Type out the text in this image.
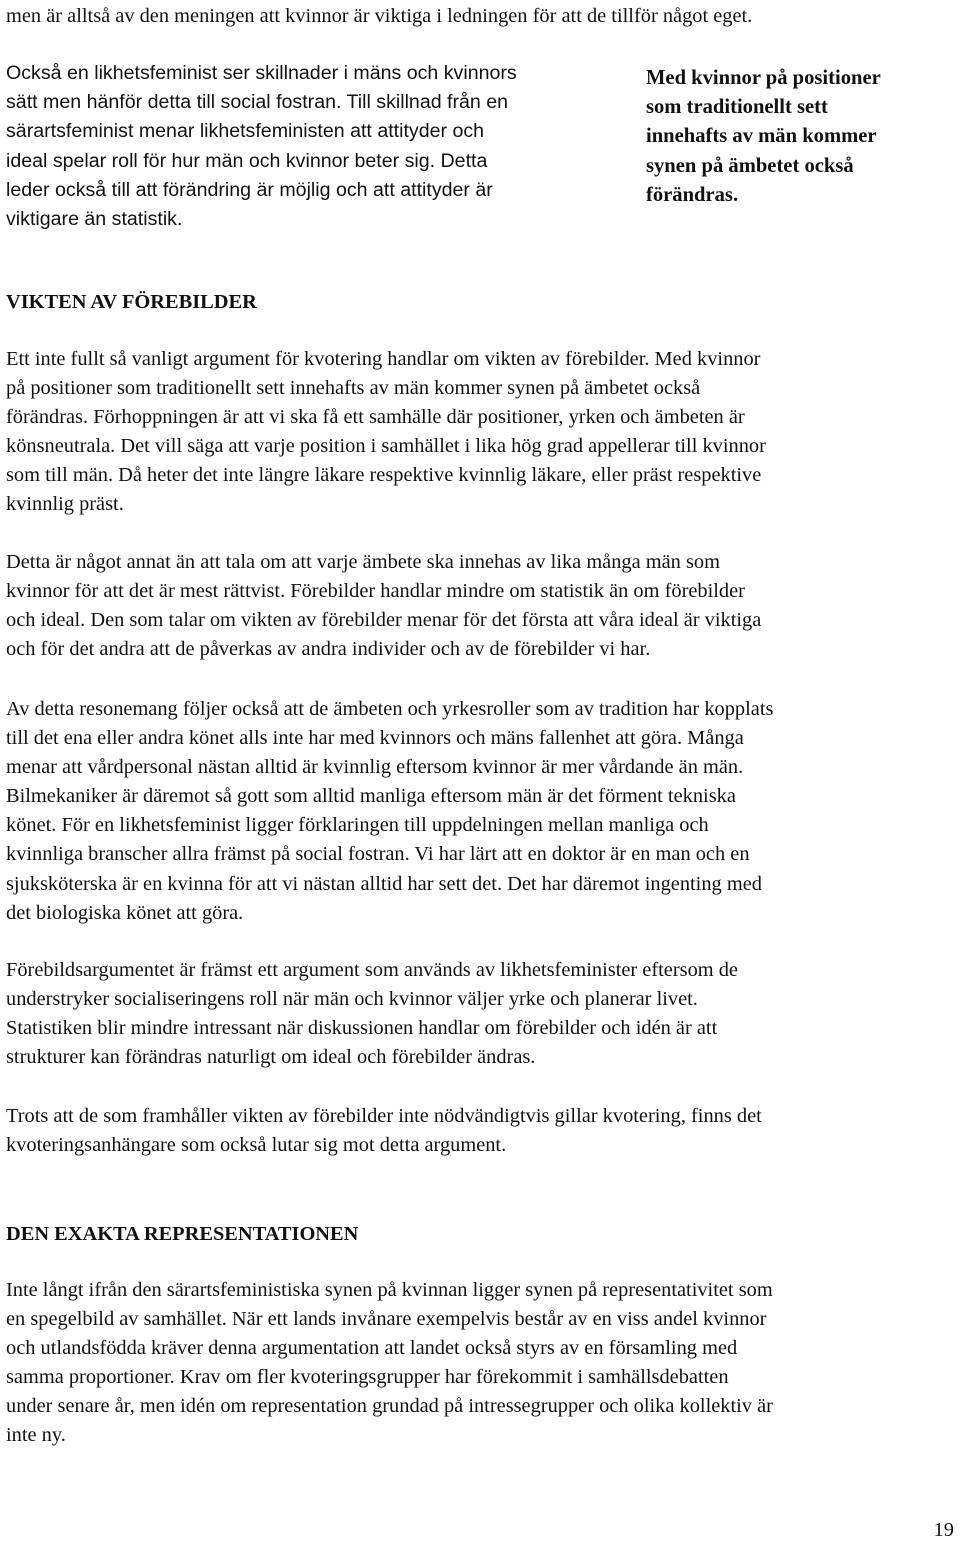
men är alltså av den meningen att kvinnor är viktiga i ledningen för att de tillför något eget.
Också en likhetsfeminist ser skillnader i mäns och kvinnors
sätt men hänför detta till social fostran. Till skillnad från en
särartsfeminist menar likhetsfeministen att attityder och
ideal spelar roll för hur män och kvinnor beter sig. Detta
leder också till att förändring är möjlig och att attityder är
viktigare än statistik.
Med kvinnor på positioner
som traditionellt sett
innehafts av män kommer
synen på ämbetet också
förändras.
VIKTEN AV FÖREBILDER
Ett inte fullt så vanligt argument för kvotering handlar om vikten av förebilder. Med kvinnor
på positioner som traditionellt sett innehafts av män kommer synen på ämbetet också
förändras. Förhoppningen är att vi ska få ett samhälle där positioner, yrken och ämbeten är
könsneutrala. Det vill säga att varje position i samhället i lika hög grad appellerar till kvinnor
som till män. Då heter det inte längre läkare respektive kvinnlig läkare, eller präst respektive
kvinnlig präst.
Detta är något annat än att tala om att varje ämbete ska innehas av lika många män som
kvinnor för att det är mest rättvist. Förebilder handlar mindre om statistik än om förebilder
och ideal. Den som talar om vikten av förebilder menar för det första att våra ideal är viktiga
och för det andra att de påverkas av andra individer och av de förebilder vi har.
Av detta resonemang följer också att de ämbeten och yrkesroller som av tradition har kopplats
till det ena eller andra könet alls inte har med kvinnors och mäns fallenhet att göra. Många
menar att vårdpersonal nästan alltid är kvinnlig eftersom kvinnor är mer vårdande än män.
Bilmekaniker är däremot så gott som alltid manliga eftersom män är det förment tekniska
könet. För en likhetsfeminist ligger förklaringen till uppdelningen mellan manliga och
kvinnliga branscher allra främst på social fostran. Vi har lärt att en doktor är en man och en
sjuksköterska är en kvinna för att vi nästan alltid har sett det. Det har däremot ingenting med
det biologiska könet att göra.
Förebildsargumentet är främst ett argument som används av likhetsfeminister eftersom de
understryker socialiseringens roll när män och kvinnor väljer yrke och planerar livet.
Statistiken blir mindre intressant när diskussionen handlar om förebilder och idén är att
strukturer kan förändras naturligt om ideal och förebilder ändras.
Trots att de som framhåller vikten av förebilder inte nödvändigtvis gillar kvotering, finns det
kvoteringsanhängare som också lutar sig mot detta argument.
DEN EXAKTA REPRESENTATIONEN
Inte långt ifrån den särartsfeministiska synen på kvinnan ligger synen på representativitet som
en spegelbild av samhället. När ett lands invånare exempelvis består av en viss andel kvinnor
och utlandsfödda kräver denna argumentation att landet också styrs av en församling med
samma proportioner. Krav om fler kvoteringsgrupper har förekommit i samhällsdebatten
under senare år, men idén om representation grundad på intressegrupper och olika kollektiv är
inte ny.
19
